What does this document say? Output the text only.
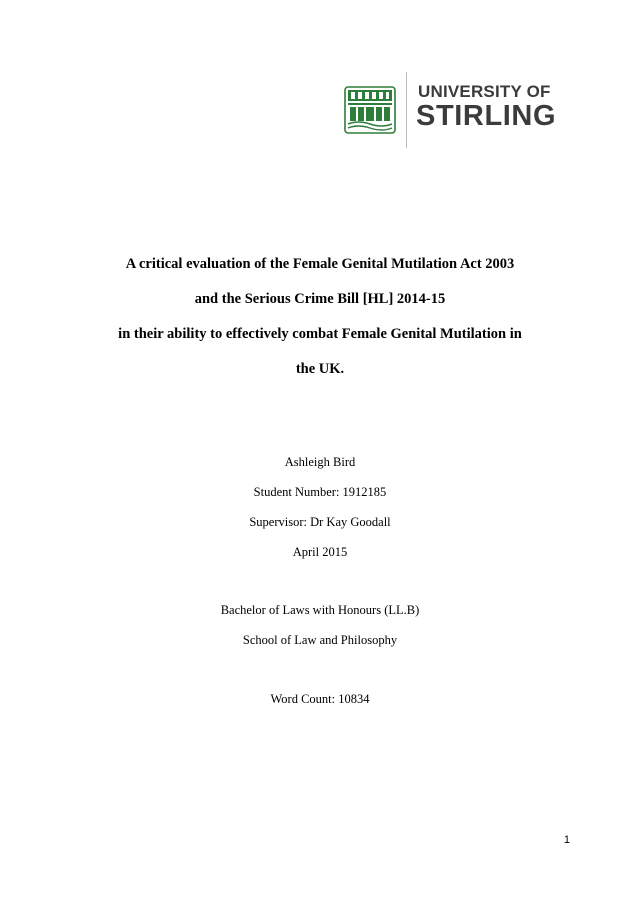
UNIVERSITY OF
STIRLING
A critical evaluation of the Female Genital Mutilation Act 2003
and the Serious Crime Bill [HL] 2014-15
in their ability to effectively combat Female Genital Mutilation in
the UK.
Ashleigh Bird
Student Number: 1912185
Supervisor: Dr Kay Goodall
April 2015
Bachelor of Laws with Honours (LL.B)
School of Law and Philosophy
Word Count: 10834
1
